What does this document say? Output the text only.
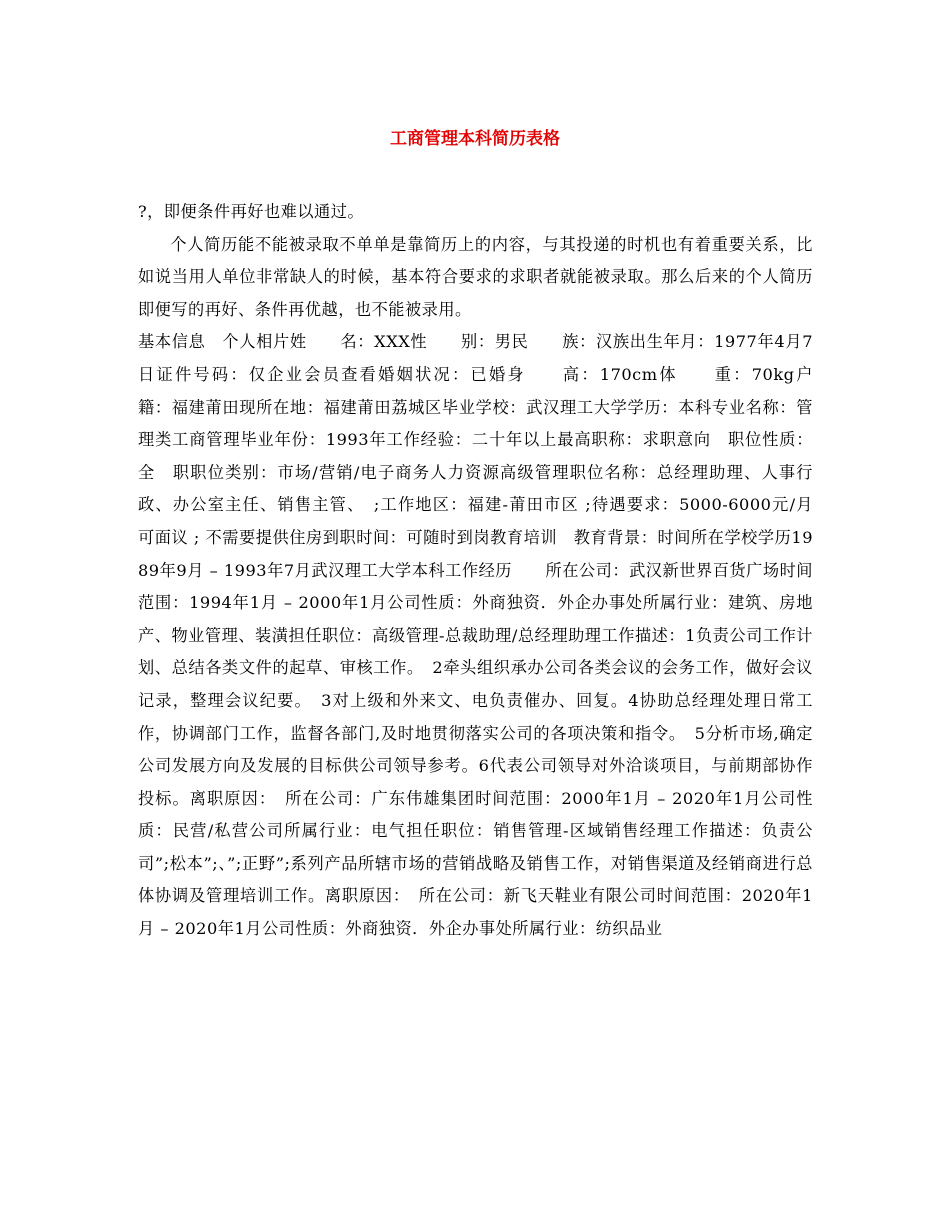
工商管理本科简历表格

?，即便条件再好也难以通过。

个人简历能不能被录取不单单是靠简历上的内容，与其投递的时机也有着重要关系，比如说当用人单位非常缺人的时候，基本符合要求的求职者就能被录取。那么后来的个人简历即便写的再好、条件再优越，也不能被录用。

基本信息　个人相片姓　　名：XXX性　　别：男民　　族：汉族出生年月：1977年4月7日证件号码：仅企业会员查看婚姻状况：已婚身　　高：170cm体　　重：70kg户　　籍：福建莆田现所在地：福建莆田荔城区毕业学校：武汉理工大学学历：本科专业名称：管理类工商管理毕业年份：1993年工作经验：二十年以上最高职称：求职意向　职位性质：全　职职位类别：市场/营销/电子商务人力资源高级管理职位名称：总经理助理、人事行政、办公室主任、销售主管、　;工作地区：福建-莆田市区 ;待遇要求：5000-6000元/月　可面议 ; 不需要提供住房到职时间：可随时到岗教育培训　教育背景：时间所在学校学历1989年9月 – 1993年7月武汉理工大学本科工作经历　　所在公司：武汉新世界百货广场时间范围：1994年1月 – 2000年1月公司性质：外商独资．外企办事处所属行业：建筑、房地产、物业管理、装潢担任职位：高级管理-总裁助理/总经理助理工作描述：1负责公司工作计划、总结各类文件的起草、审核工作。　2牵头组织承办公司各类会议的会务工作，做好会议记录，整理会议纪要。　3对上级和外来文、电负责催办、回复。4协助总经理处理日常工作，协调部门工作，监督各部门,及时地贯彻落实公司的各项决策和指令。　5分析市场,确定公司发展方向及发展的目标供公司领导参考。6代表公司领导对外洽谈项目，与前期部协作投标。离职原因：　所在公司：广东伟雄集团时间范围：2000年1月 – 2020年1月公司性质：民营/私营公司所属行业：电气担任职位：销售管理-区域销售经理工作描述：负责公司”;松本”;、”;正野”;系列产品所辖市场的营销战略及销售工作，对销售渠道及经销商进行总体协调及管理培训工作。离职原因：　所在公司：新飞天鞋业有限公司时间范围：2020年1月 – 2020年1月公司性质：外商独资．外企办事处所属行业：纺织品业
